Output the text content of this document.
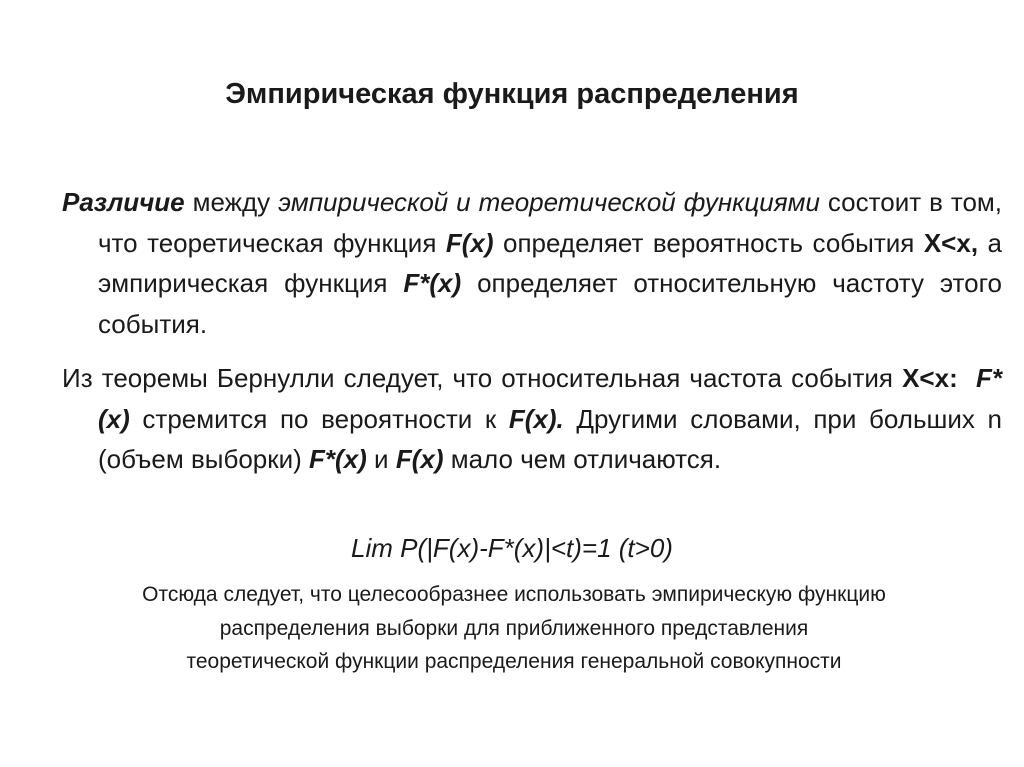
Эмпирическая функция распределения

Различие между эмпирической и теоретической функциями состоит в том, что теоретическая функция F(x) определяет вероятность события X<x, а эмпирическая функция F*(x) определяет относительную частоту этого события.

Из теоремы Бернулли следует, что относительная частота события X<x: F*(x) стремится по вероятности к F(x). Другими словами, при больших n (объем выборки) F*(x) и F(x) мало чем отличаются.

Lim P(|F(x)-F*(x)|<t)=1 (t>0)
Отсюда следует, что целесообразнее использовать эмпирическую функцию
распределения выборки для приближенного представления
теоретической функции распределения генеральной совокупности
